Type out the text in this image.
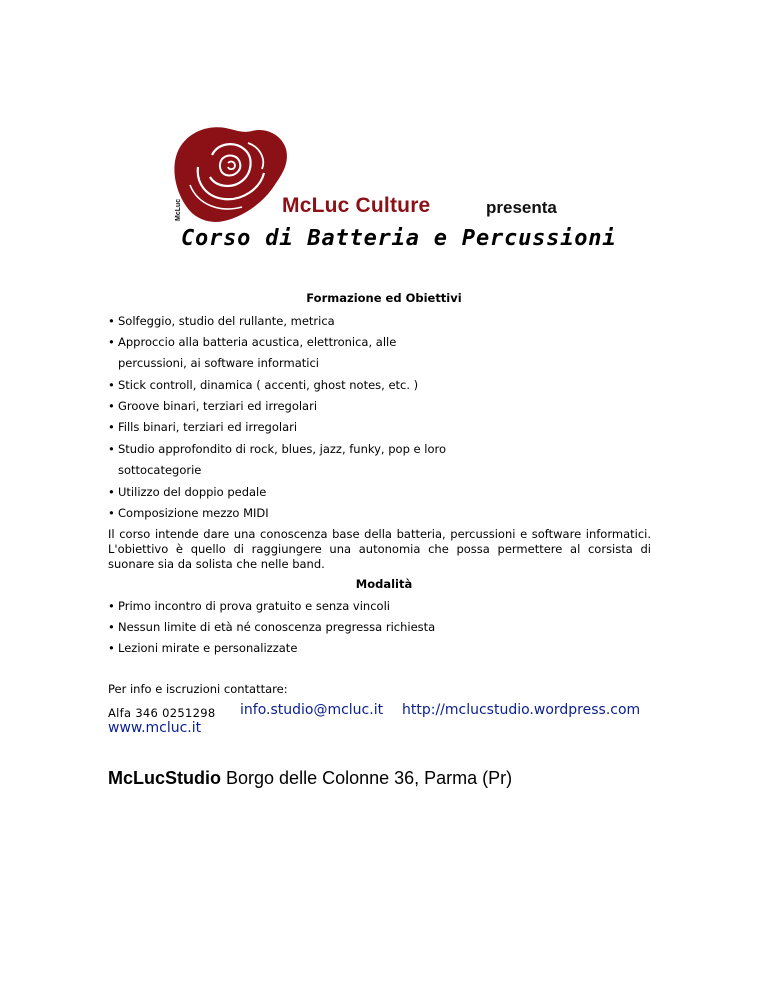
McLuc	McLuc Culture	presenta
Corso di Batteria e Percussioni
Formazione ed Obiettivi
• Solfeggio, studio del rullante, metrica
• Approccio alla batteria acustica, elettronica, alle
percussioni, ai software informatici
• Stick controll, dinamica ( accenti, ghost notes, etc. )
• Groove binari, terziari ed irregolari
• Fills binari, terziari ed irregolari
• Studio approfondito di rock, blues, jazz, funky, pop e loro
sottocategorie
• Utilizzo del doppio pedale
• Composizione mezzo MIDI
Il corso intende dare una conoscenza base della batteria, percussioni e software informatici. L'obiettivo è quello di raggiungere una autonomia che possa permettere al corsista di suonare sia da solista che nelle band.
Modalità
• Primo incontro di prova gratuito e senza vincoli
• Nessun limite di età né conoscenza pregressa richiesta
• Lezioni mirate e personalizzate
Per info e iscruzioni contattare:
Alfa 346 0251298 info.studio@mcluc.it http://mclucstudio.wordpress.com
www.mcluc.it
McLucStudio Borgo delle Colonne 36, Parma (Pr)
